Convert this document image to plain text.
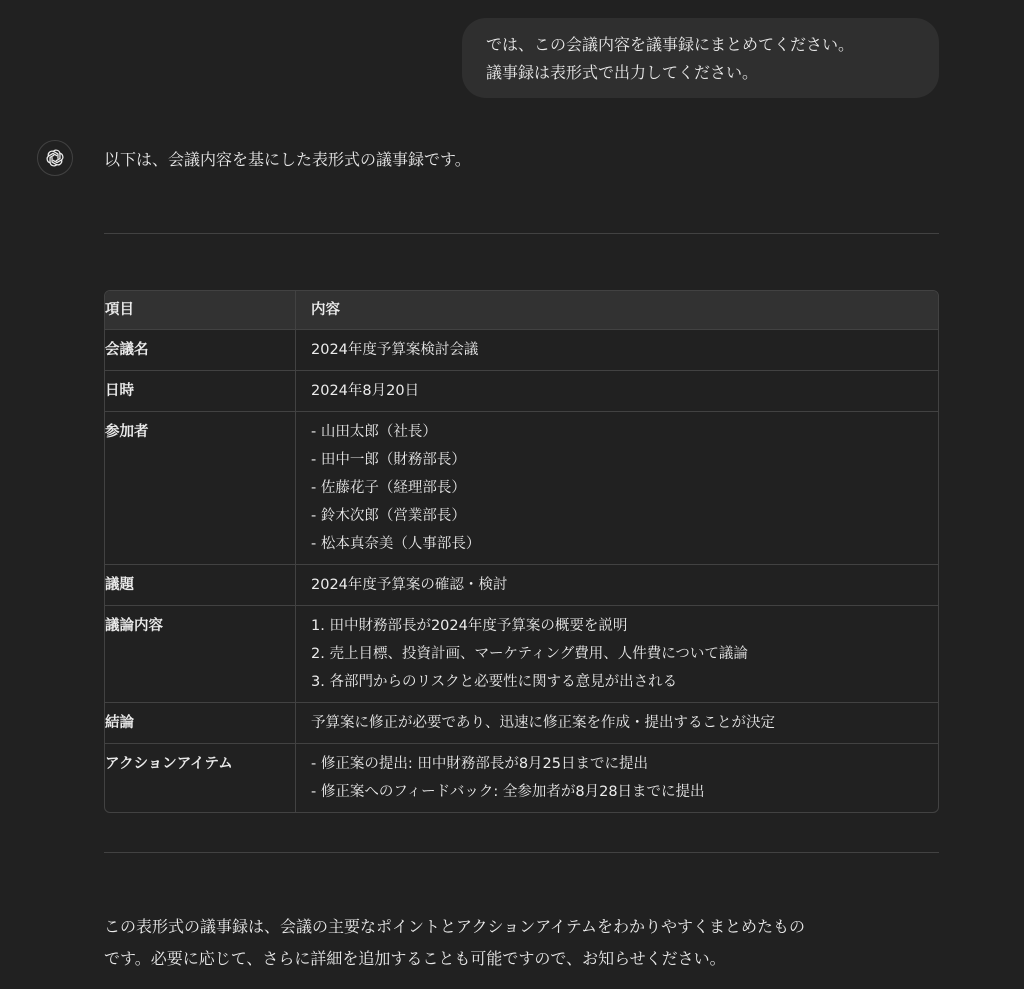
では、この会議内容を議事録にまとめてください。
議事録は表形式で出力してください。
以下は、会議内容を基にした表形式の議事録です。
項目	内容
会議名	2024年度予算案検討会議

日時	2024年8月20日

参加者	- 山田太郎（社長）
- 田中一郎（財務部長）
- 佐藤花子（経理部長）
- 鈴木次郎（営業部長）
- 松本真奈美（人事部長）

議題	2024年度予算案の確認・検討

議論内容	1. 田中財務部長が2024年度予算案の概要を説明
2. 売上目標、投資計画、マーケティング費用、人件費について議論
3. 各部門からのリスクと必要性に関する意見が出される

結論	予算案に修正が必要であり、迅速に修正案を作成・提出することが決定

アクションアイテム	- 修正案の提出: 田中財務部長が8月25日までに提出
- 修正案へのフィードバック: 全参加者が8月28日までに提出
この表形式の議事録は、会議の主要なポイントとアクションアイテムをわかりやすくまとめたもの
です。必要に応じて、さらに詳細を追加することも可能ですので、お知らせください。
